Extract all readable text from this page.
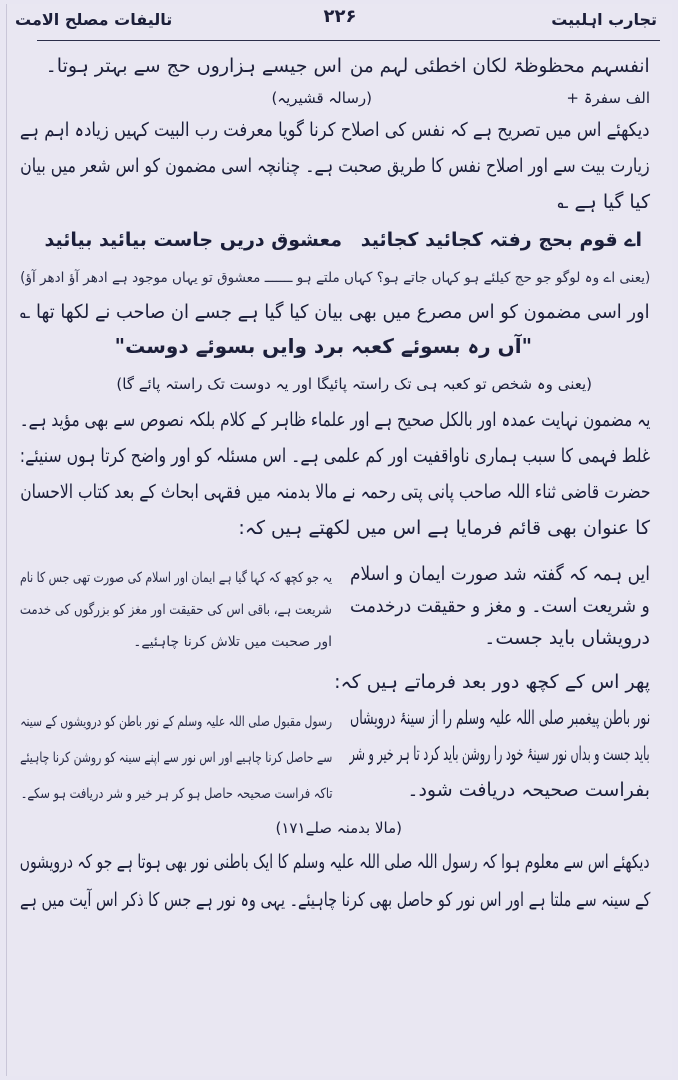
تجارب اہلبیت
۲۲۶
تالیفات مصلح الامت
انفسہم محظوظۃ لکان اخطئی لہم من
اس جیسے ہزاروں حج سے بہتر ہوتا۔
الف سفرۃ +
(رسالہ قشیریہ)
دیکھئے اس میں تصریح ہے کہ نفس کی اصلاح کرنا گویا معرفت رب البیت کہیں زیادہ اہم ہے
زیارت بیت سے اور اصلاح نفس کا طریق صحبت ہے۔ چنانچہ اسی مضمون کو اس شعر میں بیان
کیا گیا ہے ؎
اے قوم بحج رفتہ کجائید کجائید
معشوق دریں جاست بیائید بیائید
(یعنی اے وہ لوگو جو حج کیلئے ہو کہاں جاتے ہو؟ کہاں ملتے ہو ـــــــ معشوق تو یہاں موجود ہے ادھر آؤ ادھر آؤ)
اور اسی مضمون کو اس مصرع میں بھی بیان کیا گیا ہے جسے ان صاحب نے لکھا تھا ؎
"آں رہ بسوئے کعبہ برد وایں بسوئے دوست"
(یعنی وہ شخص تو کعبہ ہی تک راستہ پائیگا اور یہ دوست تک راستہ پائے گا)
یہ مضمون نہایت عمدہ اور بالکل صحیح ہے اور علماء ظاہر کے کلام بلکہ نصوص سے بھی مؤید ہے۔
غلط فہمی کا سبب ہماری ناواقفیت اور کم علمی ہے۔ اس مسئلہ کو اور واضح کرتا ہوں سنیئے:
حضرت قاضی ثناء اللہ صاحب پانی پتی رحمہ نے مالا بدمنہ میں فقہی ابحاث کے بعد کتاب الاحسان
کا عنوان بھی قائم فرمایا ہے اس میں لکھتے ہیں کہ:
ایں ہمہ کہ گفتہ شد صورت ایمان و اسلام
و شریعت است۔ و مغز و حقیقت درخدمت
درویشاں باید جست۔
یہ جو کچھ کہ کہا گیا ہے ایمان اور اسلام کی صورت تھی جس کا نام
شریعت ہے، باقی اس کی حقیقت اور مغز کو بزرگوں کی خدمت
اور صحبت میں تلاش کرنا چاہئیے۔
پھر اس کے کچھ دور بعد فرماتے ہیں کہ:
نور باطن پیغمبر صلی اللہ علیہ وسلم را از سینۂ درویشاں
باید جست و بداں نور سینۂ خود را روشن باید کرد تا ہر خیر و شر
بفراست صحیحہ دریافت شود۔
رسول مقبول صلی اللہ علیہ وسلم کے نور باطن کو درویشوں کے سینہ
سے حاصل کرنا چاہیے اور اس نور سے اپنے سینہ کو روشن کرنا چاہیئے
تاکہ فراست صحیحہ حاصل ہو کر ہر خیر و شر دریافت ہو سکے۔
(مالا بدمنہ صلے۱۷۱)
دیکھئے اس سے معلوم ہوا کہ رسول اللہ صلی اللہ علیہ وسلم کا ایک باطنی نور بھی ہوتا ہے جو کہ درویشوں
کے سینہ سے ملتا ہے اور اس نور کو حاصل بھی کرنا چاہیئے۔ یہی وہ نور ہے جس کا ذکر اس آیت میں ہے
